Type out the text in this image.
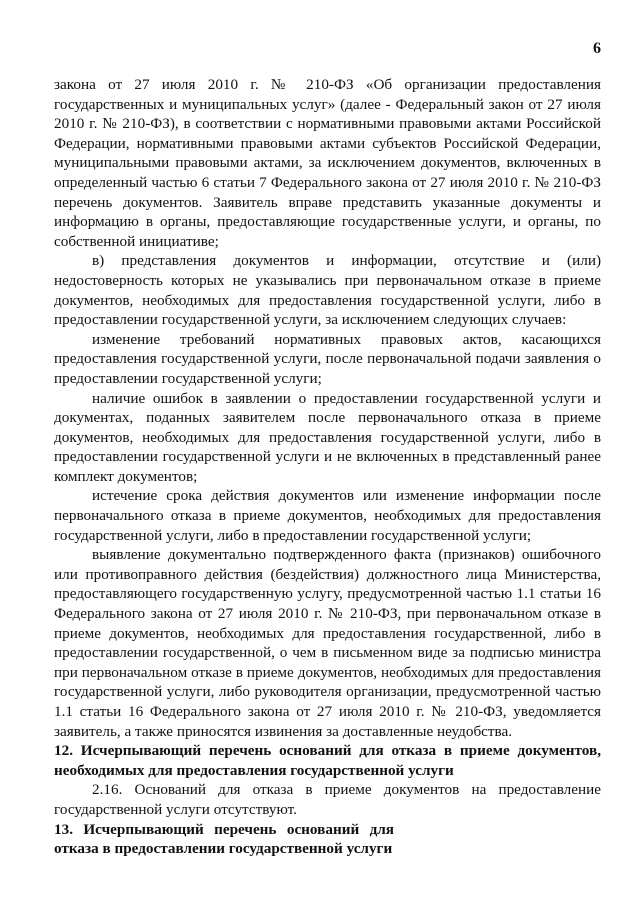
6

закона от 27 июля 2010 г. № 210-ФЗ «Об организации предоставления государственных и муниципальных услуг» (далее - Федеральный закон от 27 июля 2010 г. № 210-ФЗ), в соответствии с нормативными правовыми актами Российской Федерации, нормативными правовыми актами субъектов Российской Федерации, муниципальными правовыми актами, за исключением документов, включенных в определенный частью 6 статьи 7 Федерального закона от 27 июля 2010 г. № 210-ФЗ перечень документов. Заявитель вправе представить указанные документы и информацию в органы, предоставляющие государственные услуги, и органы, по собственной инициативе;

в) представления документов и информации, отсутствие и (или) недостоверность которых не указывались при первоначальном отказе в приеме документов, необходимых для предоставления государственной услуги, либо в предоставлении государственной услуги, за исключением следующих случаев:

изменение требований нормативных правовых актов, касающихся предоставления государственной услуги, после первоначальной подачи заявления о предоставлении государственной услуги;

наличие ошибок в заявлении о предоставлении государственной услуги и документах, поданных заявителем после первоначального отказа в приеме документов, необходимых для предоставления государственной услуги, либо в предоставлении государственной услуги и не включенных в представленный ранее комплект документов;

истечение срока действия документов или изменение информации после первоначального отказа в приеме документов, необходимых для предоставления государственной услуги, либо в предоставлении государственной услуги;

выявление документально подтвержденного факта (признаков) ошибочного или противоправного действия (бездействия) должностного лица Министерства, предоставляющего государственную услугу, предусмотренной частью 1.1 статьи 16 Федерального закона от 27 июля 2010 г. № 210-ФЗ, при первоначальном отказе в приеме документов, необходимых для предоставления государственной, либо в предоставлении государственной, о чем в письменном виде за подписью министра при первоначальном отказе в приеме документов, необходимых для предоставления государственной услуги, либо руководителя организации, предусмотренной частью 1.1 статьи 16 Федерального закона от 27 июля 2010 г. № 210-ФЗ, уведомляется заявитель, а также приносятся извинения за доставленные неудобства.

12. Исчерпывающий перечень оснований для отказа в приеме документов, необходимых для предоставления государственной услуги

2.16. Оснований для отказа в приеме документов на предоставление государственной услуги отсутствуют.

13. Исчерпывающий перечень оснований для отказа в предоставлении государственной услуги
